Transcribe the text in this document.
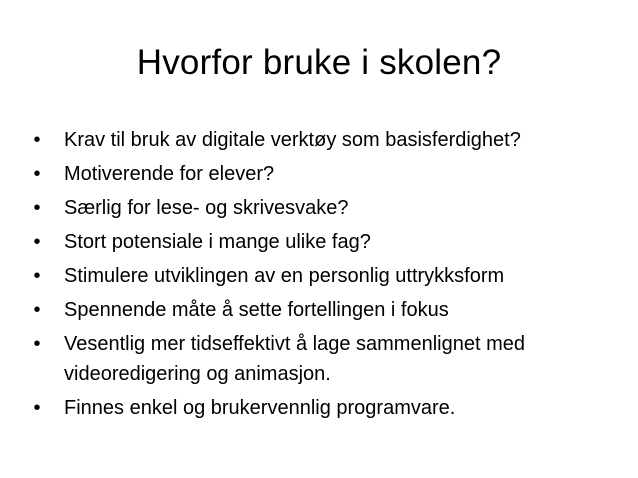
Hvorfor bruke i skolen?
• Krav til bruk av digitale verktøy som basisferdighet?
• Motiverende for elever?
• Særlig for lese- og skrivesvake?
• Stort potensiale i mange ulike fag?
• Stimulere utviklingen av en personlig uttrykksform
• Spennende måte å sette fortellingen i fokus
• Vesentlig mer tidseffektivt å lage sammenlignet med videoredigering og animasjon.
• Finnes enkel og brukervennlig programvare.
